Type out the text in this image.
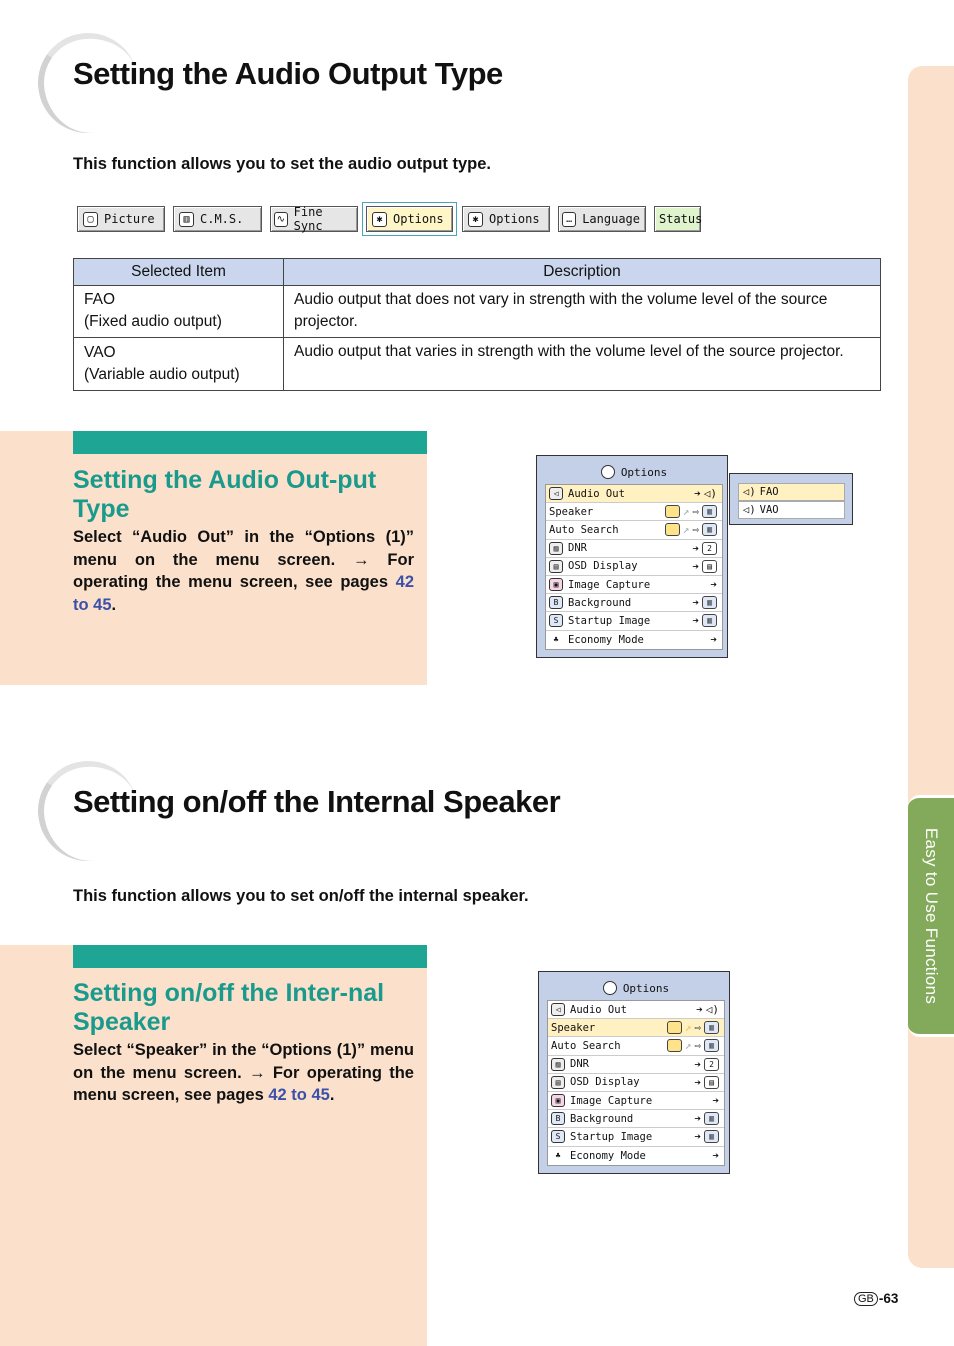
Easy to Use Functions
Setting the Audio Output Type
This function allows you to set the audio output type.
▢ Picture	▥ C.M.S.	∿ Fine Sync	✱ Options	✱ Options	… Language Status
Selected Item	Description

FAO
(Fixed audio output)	Audio output that does not vary in strength with the volume level of the source projector.

VAO
(Variable audio output)	Audio output that varies in strength with the volume level of the source projector.
Setting the Audio Out-put Type
Select “Audio Out” in the “Options (1)” menu on the menu screen. → For operating the menu screen, see pages 42 to 45.
Options
◁ Audio Out	➔ ◁)
Speaker	↗ ⇨	▥
Auto Search	↗ ⇨	▥
▨ DNR	➔	2
▤ OSD Display	➔	▤
▣ Image Capture	➔
B Background	➔	▥
S Startup Image	➔	▥
♣ Economy Mode	➔
◁) FAO
◁) VAO
Setting on/off the Internal Speaker
This function allows you to set on/off the internal speaker.
Setting on/off the Inter-nal Speaker
Select “Speaker” in the “Options (1)” menu on the menu screen. → For operating the menu screen, see pages 42 to 45.
Options
◁ Audio Out	➔ ◁)
Speaker	↗ ⇨	▥
Auto Search	↗ ⇨	▥
▨ DNR	➔	2
▤ OSD Display	➔	▤
▣ Image Capture	➔
B Background	➔	▥
S Startup Image	➔	▥
♣ Economy Mode	➔
GB -63
